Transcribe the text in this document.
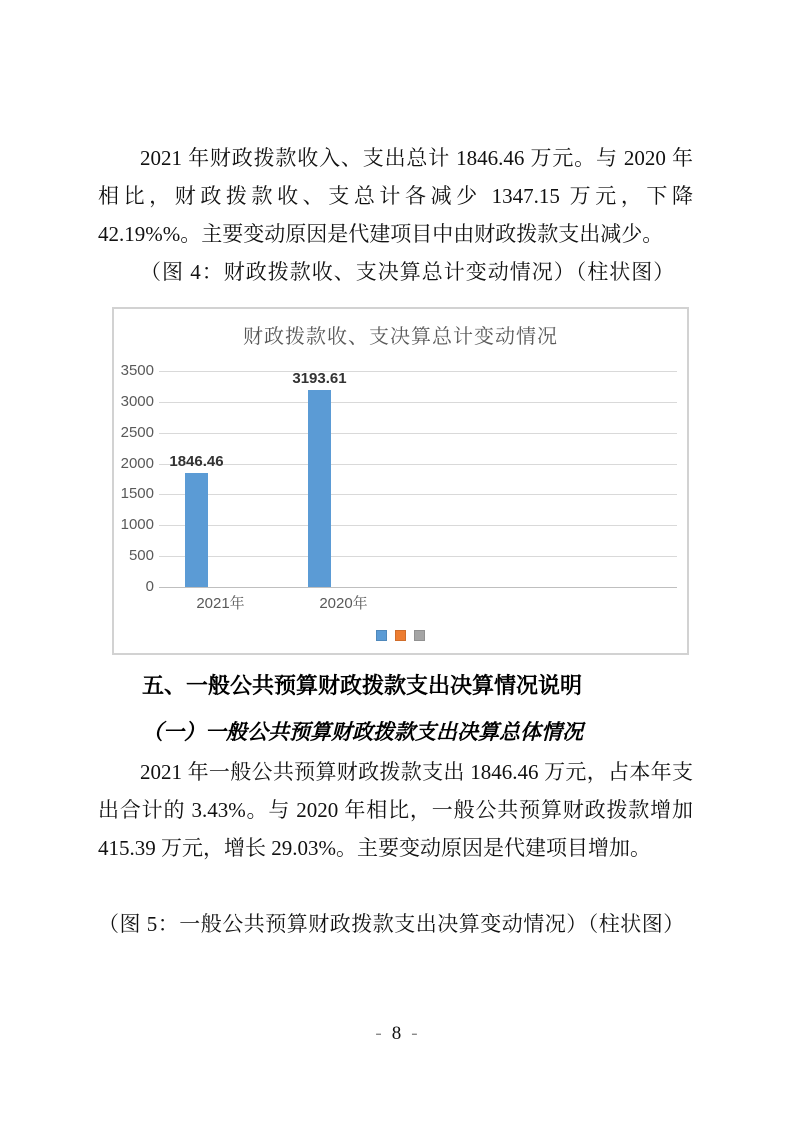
2021 年财政拨款收入、支出总计 1846.46 万元。与 2020 年相比，财政拨款收、支总计各减少 1347.15 万元，下降 42.19%%。主要变动原因是代建项目中由财政拨款支出减少。

（图 4：财政拨款收、支决算总计变动情况）（柱状图）

财政拨款收、支决算总计变动情况
0
500
1000
1500
2000
2500
3000
3500
1846.46
3193.61
2021年	2020年
五、一般公共预算财政拨款支出决算情况说明
（一）一般公共预算财政拨款支出决算总体情况

2021 年一般公共预算财政拨款支出 1846.46 万元，占本年支出合计的 3.43%。与 2020 年相比，一般公共预算财政拨款增加 415.39 万元，增长 29.03%。主要变动原因是代建项目增加。

（图 5：一般公共预算财政拨款支出决算变动情况）（柱状图）

- 8 -
